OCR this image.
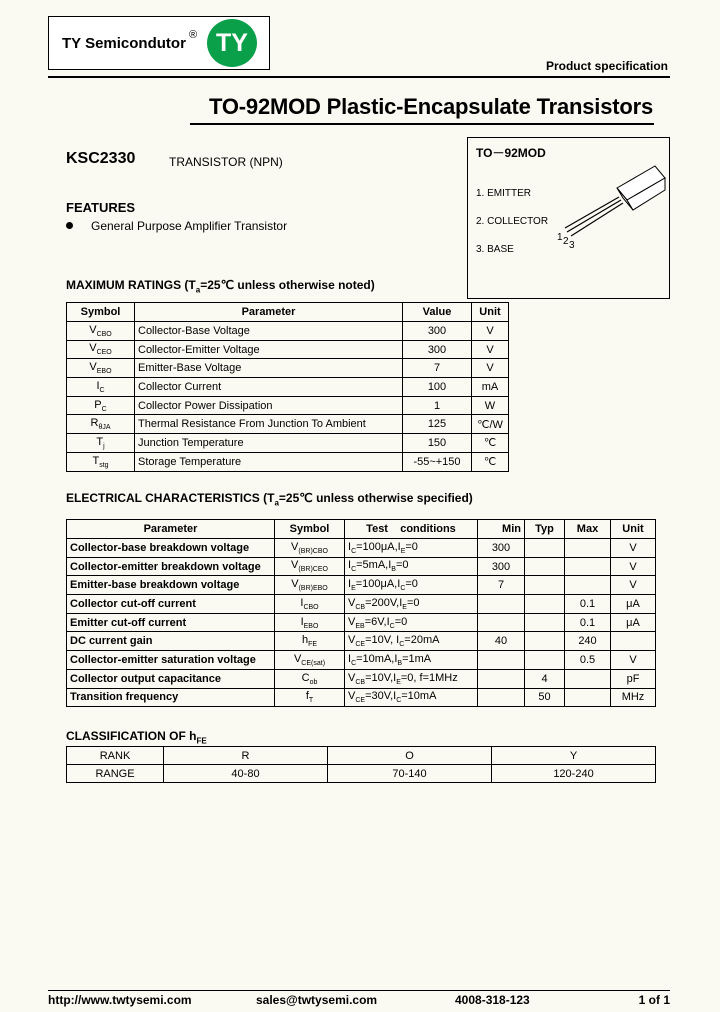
TY Semicondutor ® TY
Product specification
TO-92MOD Plastic-Encapsulate Transistors
KSC2330	TRANSISTOR (NPN)
FEATURES
General Purpose Amplifier Transistor
TO－92MOD
1. EMITTER
2. COLLECTOR
3. BASE
1 2 3
MAXIMUM RATINGS ($T_a=25℃$ unless otherwise noted)
Symbol	Parameter	Value	Unit
$V_{CBO}$	Collector-Base Voltage	300	V
$V_{CEO}$	Collector-Emitter Voltage	300	V
$V_{EBO}$	Emitter-Base Voltage	7	V
$I_C$	Collector Current	100	mA
$P_C$	Collector Power Dissipation	1	W
$R_{\theta JA}$	Thermal Resistance From Junction To Ambient	125	℃/W
$T_j$	Junction Temperature	150	℃
$T_{stg}$	Storage Temperature	-55~+150	℃
ELECTRICAL CHARACTERISTICS ($T_a=25℃$ unless otherwise specified)
Parameter	Symbol	Test    conditions	Min	Typ	Max	Unit
Collector-base breakdown voltage	$V_{(BR)CBO}$	$I_C=100\mu A,I_E=0$	300			V
Collector-emitter breakdown voltage	$V_{(BR)CEO}$	$I_C=5mA,I_B=0$	300			V
Emitter-base breakdown voltage	$V_{(BR)EBO}$	$I_E=100\mu A,I_C=0$	7			V
Collector cut-off current	$I_{CBO}$	$V_{CB}=200V,I_E=0$			0.1	μA
Emitter cut-off current	$I_{EBO}$	$V_{EB}=6V,I_C=0$			0.1	μA
DC current gain	$h_{FE}$	$V_{CE}=10V$, $I_C=20mA$	40		240	
Collector-emitter saturation voltage	$V_{CE(sat)}$	$I_C=10mA,I_B=1mA$			0.5	V
Collector output capacitance	$C_{ob}$	$V_{CB}=10V,I_E=0$, f=1MHz		4		pF
Transition frequency	$f_T$	$V_{CE}=30V,I_C=10mA$		50		MHz
CLASSIFICATION OF $h_{FE}$
RANK	R	O	Y
RANGE	40-80	70-140	120-240
http://www.twtysemi.com	sales@twtysemi.com	4008-318-123	1 of 1
